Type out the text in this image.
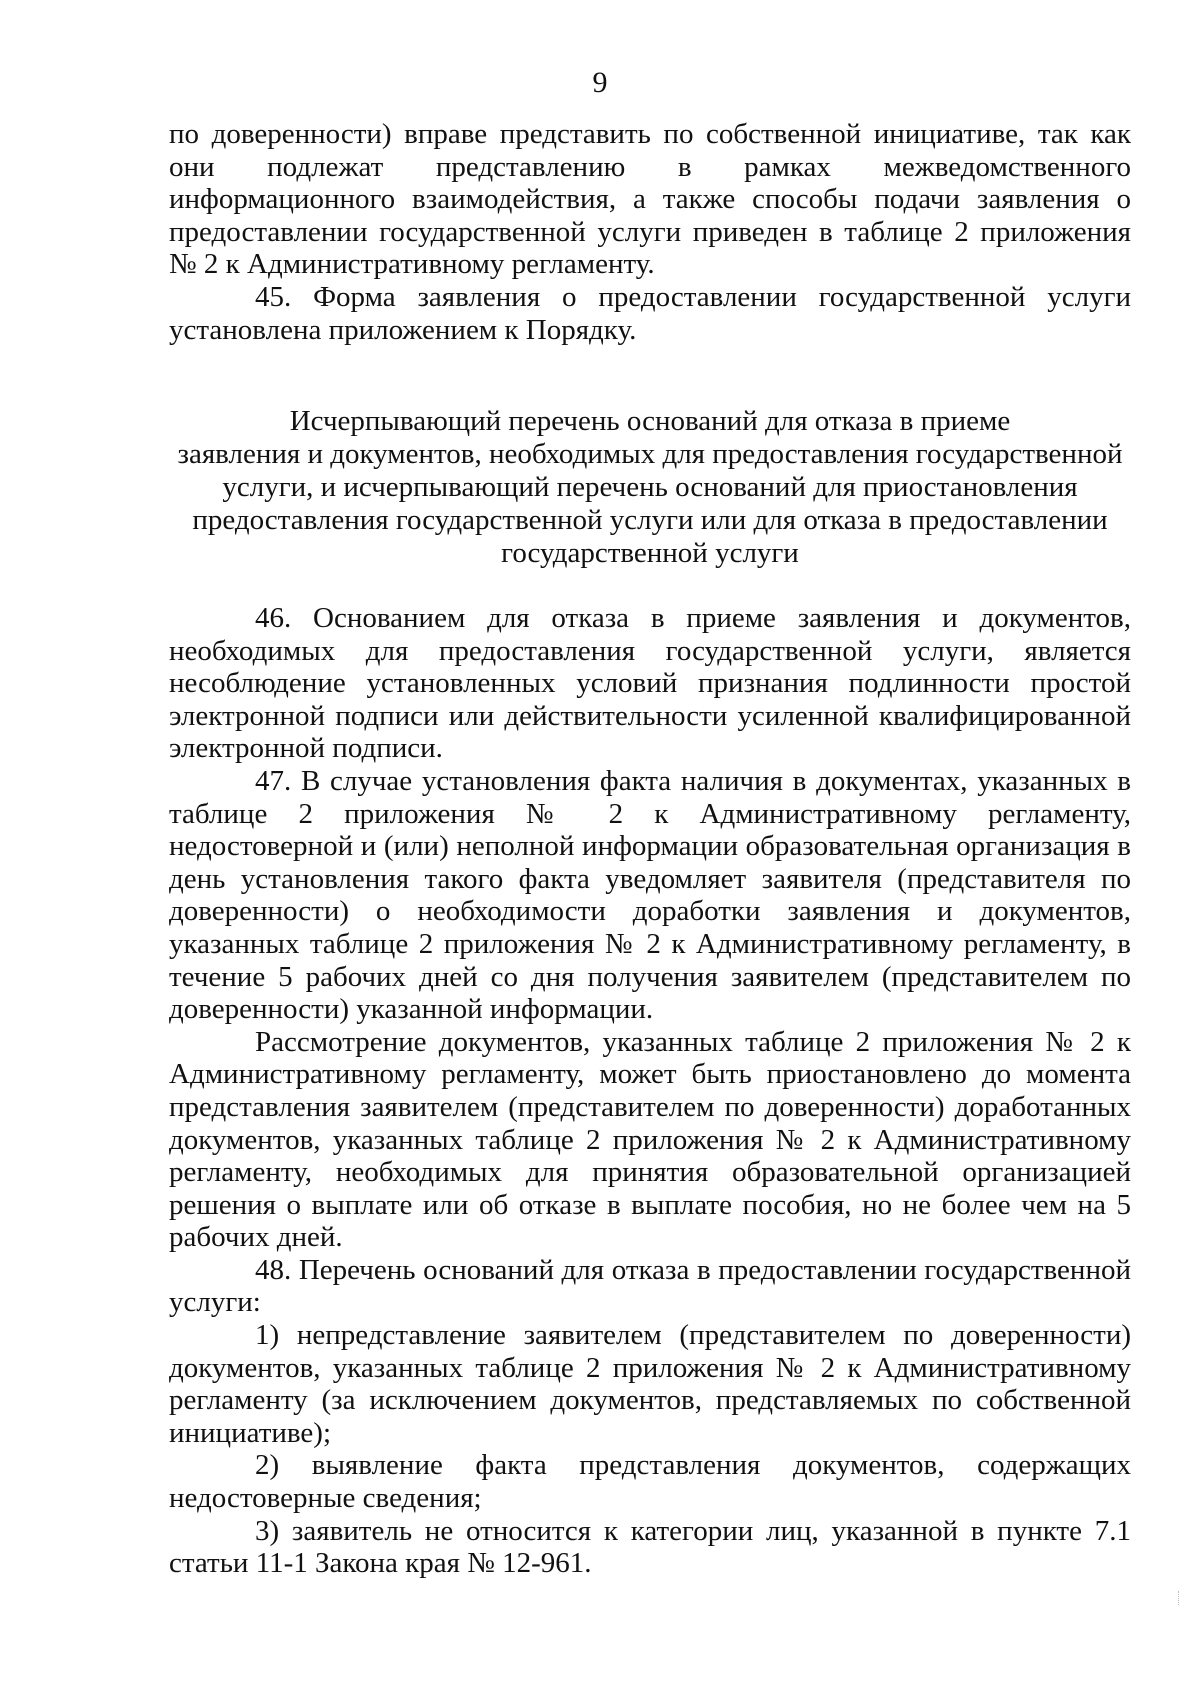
9

по доверенности) вправе представить по собственной инициативе, так как они подлежат представлению в рамках межведомственного информационного взаимодействия, а также способы подачи заявления о предоставлении государственной услуги приведен в таблице 2 приложения № 2 к Административному регламенту.

45. Форма заявления о предоставлении государственной услуги установлена приложением к Порядку.

Исчерпывающий перечень оснований для отказа в приеме
заявления и документов, необходимых для предоставления государственной
услуги, и исчерпывающий перечень оснований для приостановления
предоставления государственной услуги или для отказа в предоставлении
государственной услуги

46. Основанием для отказа в приеме заявления и документов, необходимых для предоставления государственной услуги, является несоблюдение установленных условий признания подлинности простой электронной подписи или действительности усиленной квалифицированной электронной подписи.

47. В случае установления факта наличия в документах, указанных в таблице 2 приложения № 2 к Административному регламенту, недостоверной и (или) неполной информации образовательная организация в день установления такого факта уведомляет заявителя (представителя по доверенности) о необходимости доработки заявления и документов, указанных таблице 2 приложения № 2 к Административному регламенту, в течение 5 рабочих дней со дня получения заявителем (представителем по доверенности) указанной информации.

Рассмотрение документов, указанных таблице 2 приложения № 2 к Административному регламенту, может быть приостановлено до момента представления заявителем (представителем по доверенности) доработанных документов, указанных таблице 2 приложения № 2 к Административному регламенту, необходимых для принятия образовательной организацией решения о выплате или об отказе в выплате пособия, но не более чем на 5 рабочих дней.

48. Перечень оснований для отказа в предоставлении государственной услуги:

1) непредставление заявителем (представителем по доверенности) документов, указанных таблице 2 приложения № 2 к Административному регламенту (за исключением документов, представляемых по собственной инициативе);

2) выявление факта представления документов, содержащих недостоверные сведения;

3) заявитель не относится к категории лиц, указанной в пункте 7.1 статьи 11-1 Закона края № 12-961.
